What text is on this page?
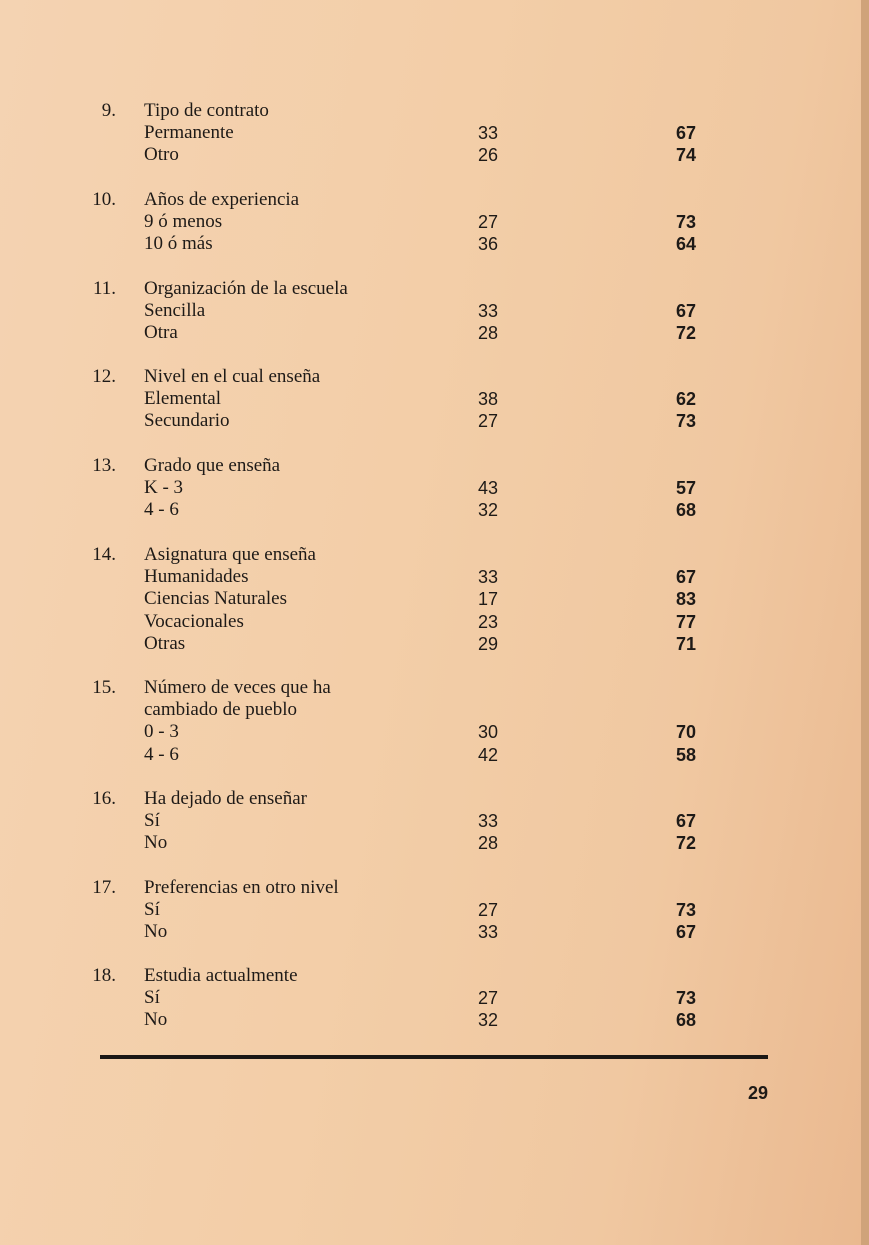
9. Tipo de contrato
Permanente	33	67
Otro	26	74
10. Años de experiencia
9 ó menos	27	73
10 ó más	36	64
11. Organización de la escuela
Sencilla	33	67
Otra	28	72
12. Nivel en el cual enseña
Elemental	38	62
Secundario	27	73
13. Grado que enseña
K - 3	43	57
4 - 6	32	68
14. Asignatura que enseña
Humanidades	33	67
Ciencias Naturales	17	83
Vocacionales	23	77
Otras	29	71
15. Número de veces que ha
cambiado de pueblo
0 - 3	30	70
4 - 6	42	58
16. Ha dejado de enseñar
Sí	33	67
No	28	72
17. Preferencias en otro nivel
Sí	27	73
No	33	67
18. Estudia actualmente
Sí	27	73
No	32	68
29
